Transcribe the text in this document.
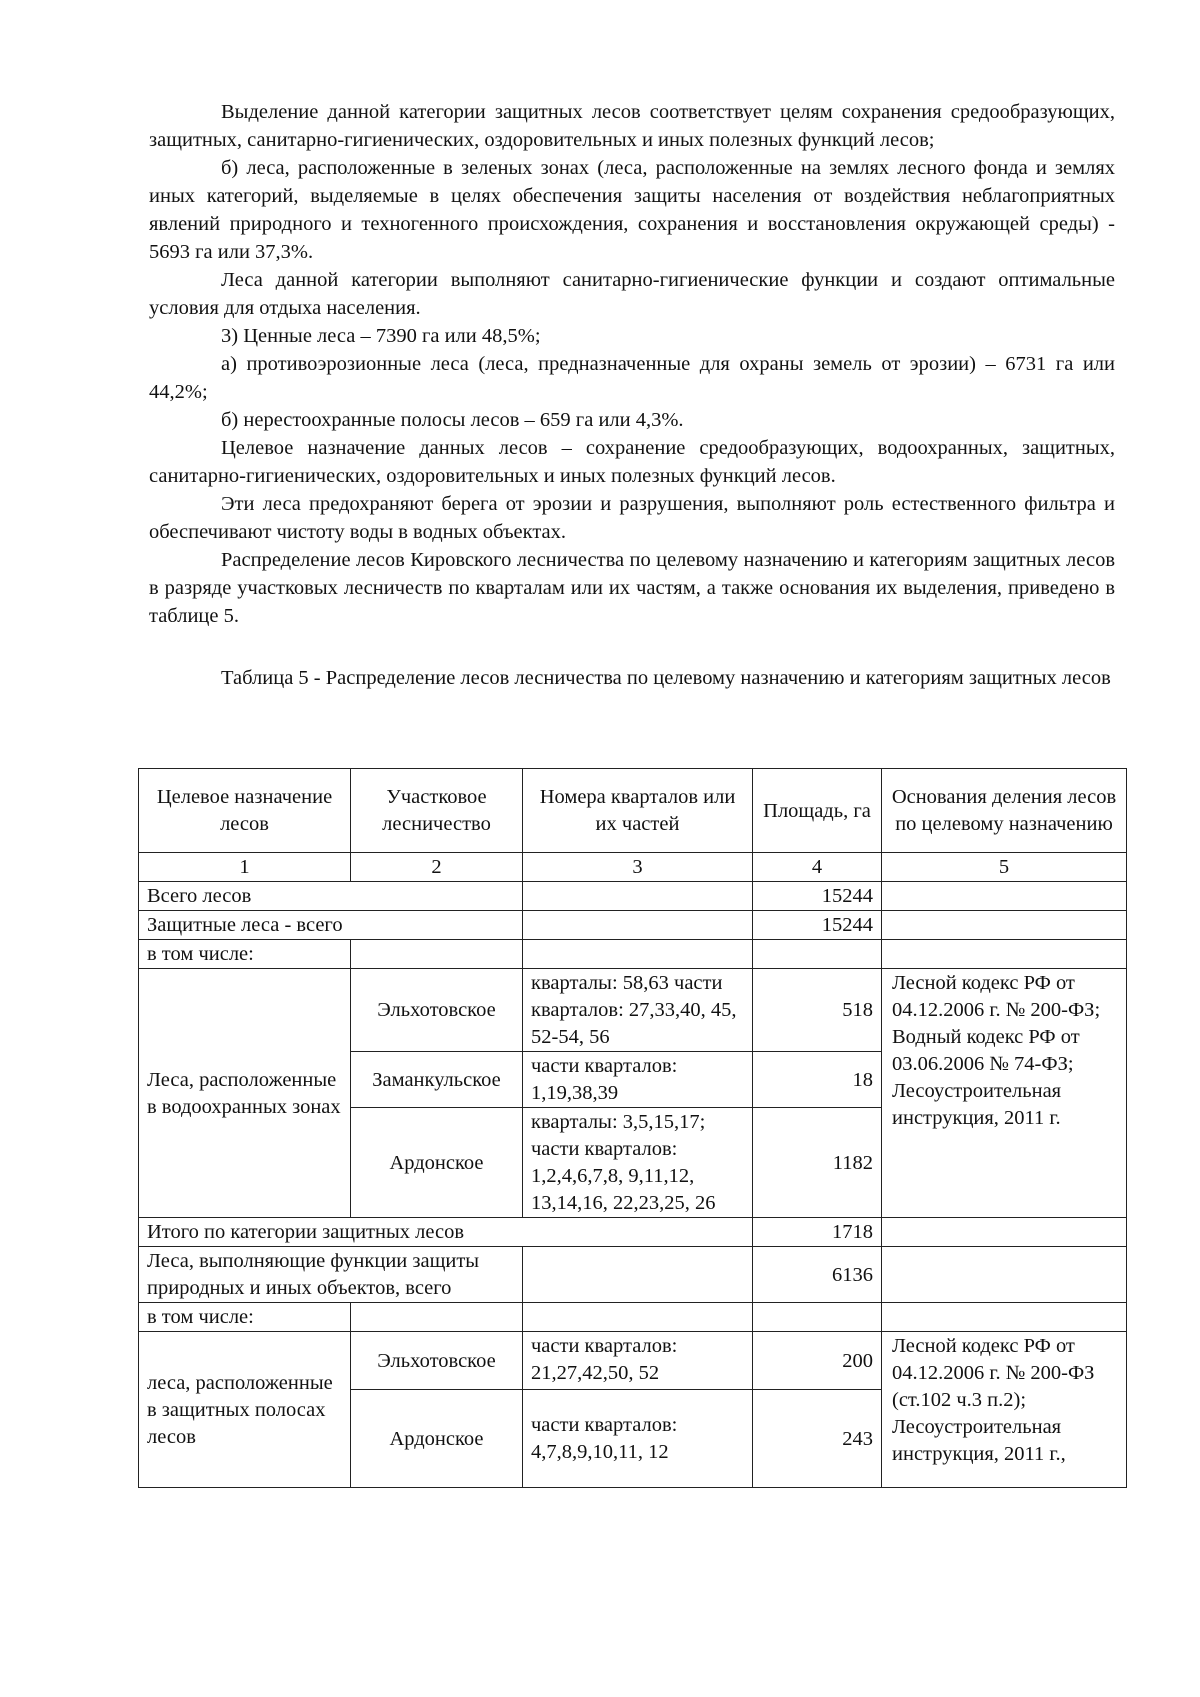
Выделение данной категории защитных лесов соответствует целям сохранения средообразующих, защитных, санитарно-гигиенических, оздоровительных и иных полезных функций лесов;

б) леса, расположенные в зеленых зонах (леса, расположенные на землях лесного фонда и землях иных категорий, выделяемые в целях обеспечения защиты населения от воздействия неблагоприятных явлений природного и техногенного происхождения, сохранения и восстановления окружающей среды) - 5693 га или 37,3%.

Леса данной категории выполняют санитарно-гигиенические функции и создают оптимальные условия для отдыха населения.

3) Ценные леса – 7390 га или 48,5%;

а) противоэрозионные леса (леса, предназначенные для охраны земель от эрозии) – 6731 га или 44,2%;

б) нерестоохранные полосы лесов – 659 га или 4,3%.

Целевое назначение данных лесов – сохранение средообразующих, водоохранных, защитных, санитарно-гигиенических, оздоровительных и иных полезных функций лесов.

Эти леса предохраняют берега от эрозии и разрушения, выполняют роль естественного фильтра и обеспечивают чистоту воды в водных объектах.

Распределение лесов Кировского лесничества по целевому назначению и категориям защитных лесов в разряде участковых лесничеств по кварталам или их частям, а также основания их выделения, приведено в таблице 5.

Таблица 5 - Распределение лесов лесничества по целевому назначению и категориям защитных лесов

Целевое назначение лесов	Участковое лесничество	Номера кварталов или их частей	Площадь, га	Основания деления лесов по целевому назначению
1	2	3	4	5
Всего лесов			15244	
Защитные леса - всего			15244	
в том числе:				
Леса, расположенные в водоохранных зонах	Эльхотовское	кварталы: 58,63 части кварталов: 27,33,40, 45, 52-54, 56	518	Лесной кодекс РФ от 04.12.2006 г. № 200-ФЗ; Водный кодекс РФ от 03.06.2006 № 74-ФЗ; Лесоустроительная инструкция, 2011 г.
	Заманкульское	части кварталов: 1,19,38,39	18	
	Ардонское	кварталы: 3,5,15,17; части кварталов: 1,2,4,6,7,8, 9,11,12, 13,14,16, 22,23,25, 26	1182	
Итого по категории защитных лесов			1718	
Леса, выполняющие функции защиты природных и иных объектов, всего			6136	
в том числе:				
леса, расположенные в защитных полосах лесов	Эльхотовское	части кварталов: 21,27,42,50, 52	200	Лесной кодекс РФ от 04.12.2006 г. № 200-ФЗ (ст.102 ч.3 п.2); Лесоустроительная инструкция, 2011 г.,
	Ардонское	части кварталов: 4,7,8,9,10,11, 12	243	
